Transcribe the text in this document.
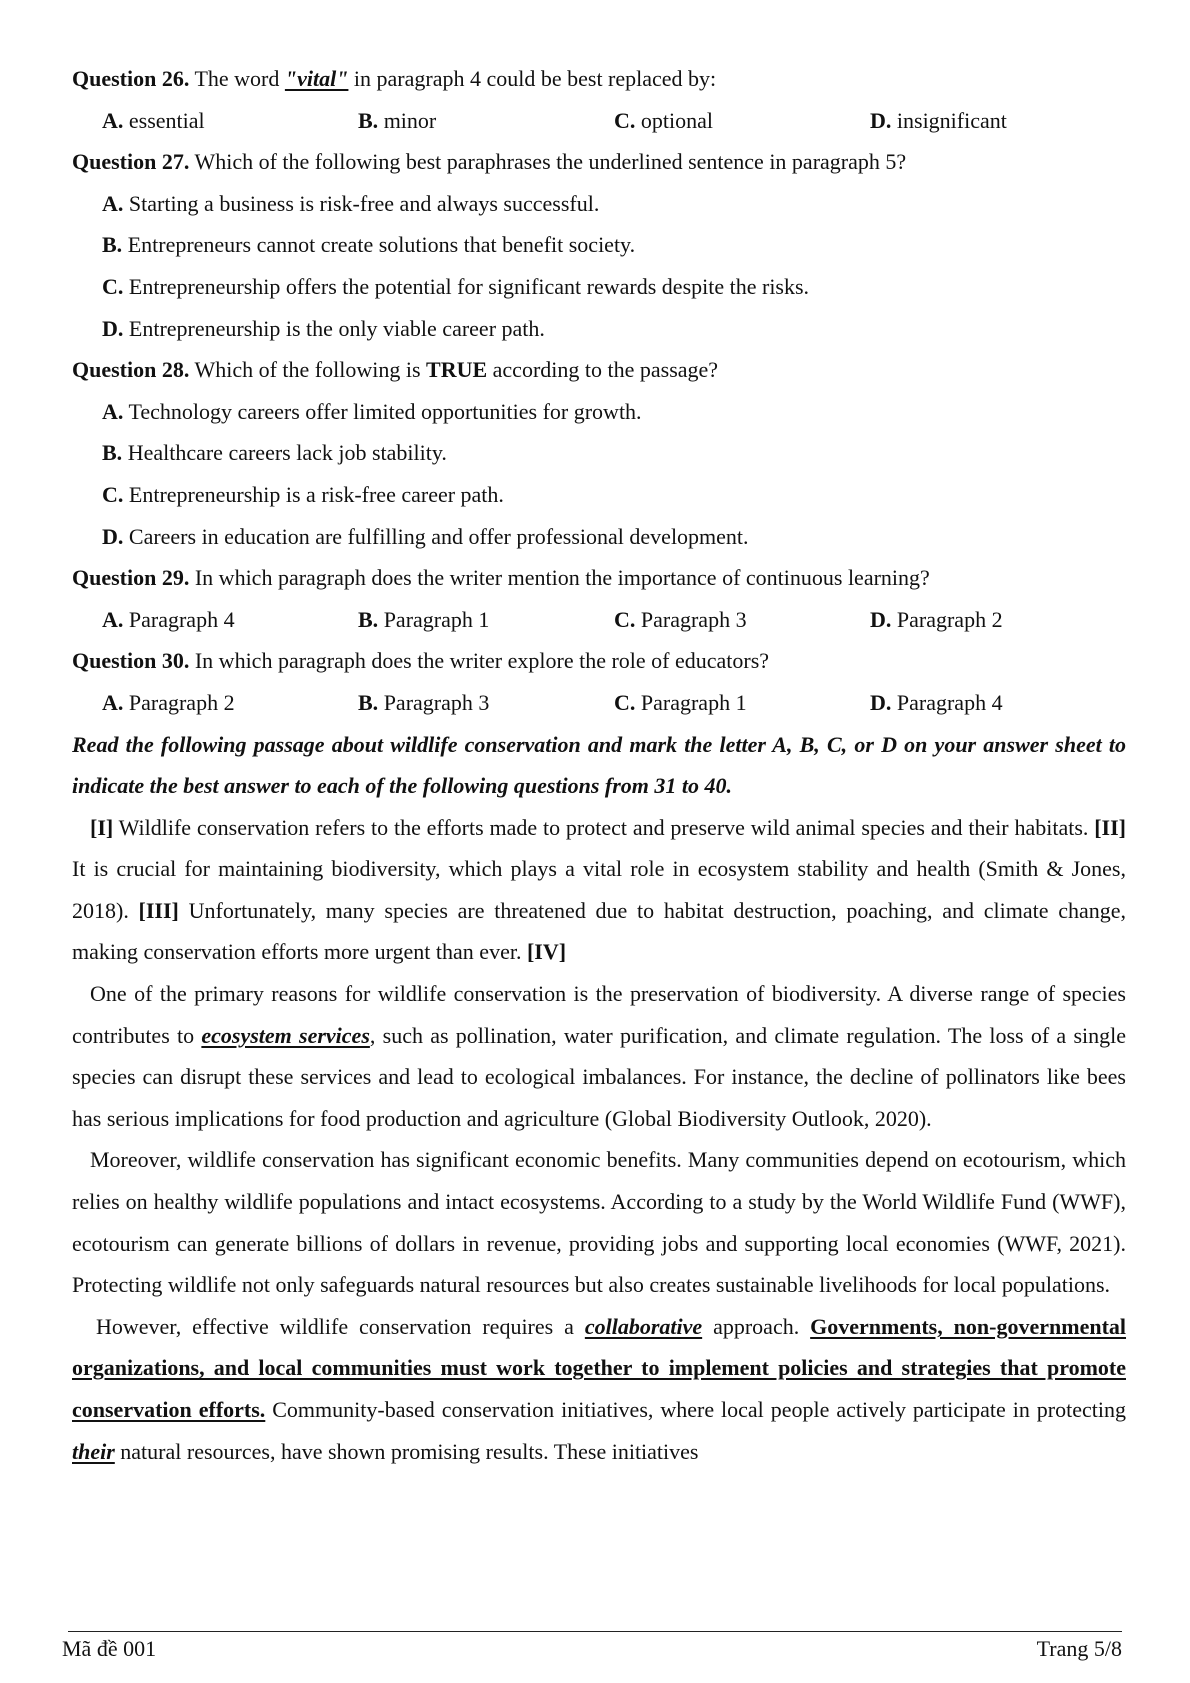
Question 26. The word "vital" in paragraph 4 could be best replaced by:
A. essential	B. minor	C. optional	D. insignificant
Question 27. Which of the following best paraphrases the underlined sentence in paragraph 5?
A. Starting a business is risk-free and always successful.
B. Entrepreneurs cannot create solutions that benefit society.
C. Entrepreneurship offers the potential for significant rewards despite the risks.
D. Entrepreneurship is the only viable career path.
Question 28. Which of the following is TRUE according to the passage?
A. Technology careers offer limited opportunities for growth.
B. Healthcare careers lack job stability.
C. Entrepreneurship is a risk-free career path.
D. Careers in education are fulfilling and offer professional development.
Question 29. In which paragraph does the writer mention the importance of continuous learning?
A. Paragraph 4	B. Paragraph 1	C. Paragraph 3	D. Paragraph 2
Question 30. In which paragraph does the writer explore the role of educators?
A. Paragraph 2	B. Paragraph 3	C. Paragraph 1	D. Paragraph 4
Read the following passage about wildlife conservation and mark the letter A, B, C, or D on your answer sheet to indicate the best answer to each of the following questions from 31 to 40.

[I] Wildlife conservation refers to the efforts made to protect and preserve wild animal species and their habitats. [II] It is crucial for maintaining biodiversity, which plays a vital role in ecosystem stability and health (Smith & Jones, 2018). [III] Unfortunately, many species are threatened due to habitat destruction, poaching, and climate change, making conservation efforts more urgent than ever. [IV]

One of the primary reasons for wildlife conservation is the preservation of biodiversity. A diverse range of species contributes to ecosystem services, such as pollination, water purification, and climate regulation. The loss of a single species can disrupt these services and lead to ecological imbalances. For instance, the decline of pollinators like bees has serious implications for food production and agriculture (Global Biodiversity Outlook, 2020).

Moreover, wildlife conservation has significant economic benefits. Many communities depend on ecotourism, which relies on healthy wildlife populations and intact ecosystems. According to a study by the World Wildlife Fund (WWF), ecotourism can generate billions of dollars in revenue, providing jobs and supporting local economies (WWF, 2021). Protecting wildlife not only safeguards natural resources but also creates sustainable livelihoods for local populations.

However, effective wildlife conservation requires a collaborative approach. Governments, non-governmental organizations, and local communities must work together to implement policies and strategies that promote conservation efforts. Community-based conservation initiatives, where local people actively participate in protecting their natural resources, have shown promising results. These initiatives

Mã đề 001	Trang 5/8
